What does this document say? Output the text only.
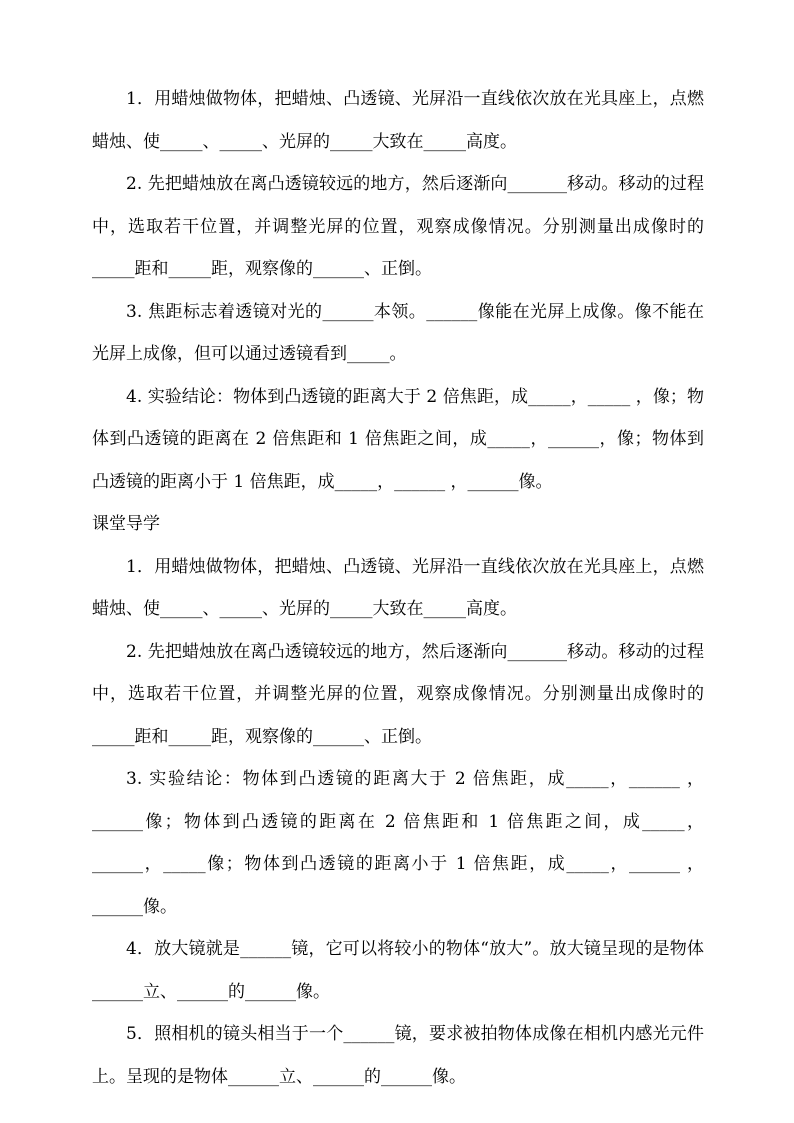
1．用蜡烛做物体，把蜡烛、凸透镜、光屏沿一直线依次放在光具座上，点燃蜡烛、使_____、_____、光屏的_____大致在_____高度。

2. 先把蜡烛放在离凸透镜较远的地方，然后逐渐向_______移动。移动的过程中，选取若干位置，并调整光屏的位置，观察成像情况。分别测量出成像时的_____距和_____距，观察像的______、正倒。

3. 焦距标志着透镜对光的______本领。______像能在光屏上成像。像不能在光屏上成像，但可以通过透镜看到_____。

4. 实验结论：物体到凸透镜的距离大于 2 倍焦距，成_____，_____ ，像；物体到凸透镜的距离在 2 倍焦距和 1 倍焦距之间，成_____，______，像；物体到凸透镜的距离小于 1 倍焦距，成_____，______ ，______像。

课堂导学

1．用蜡烛做物体，把蜡烛、凸透镜、光屏沿一直线依次放在光具座上，点燃蜡烛、使_____、_____、光屏的_____大致在_____高度。

2. 先把蜡烛放在离凸透镜较远的地方，然后逐渐向_______移动。移动的过程中，选取若干位置，并调整光屏的位置，观察成像情况。分别测量出成像时的_____距和_____距，观察像的______、正倒。

3. 实验结论：物体到凸透镜的距离大于 2 倍焦距，成_____，______ ，______像；物体到凸透镜的距离在 2 倍焦距和 1 倍焦距之间，成_____，______，_____像；物体到凸透镜的距离小于 1 倍焦距，成_____，______ ，______像。

4．放大镜就是______镜，它可以将较小的物体“放大”。放大镜呈现的是物体______立、______的______像。

5．照相机的镜头相当于一个______镜，要求被拍物体成像在相机内感光元件上。呈现的是物体______立、______的______像。
